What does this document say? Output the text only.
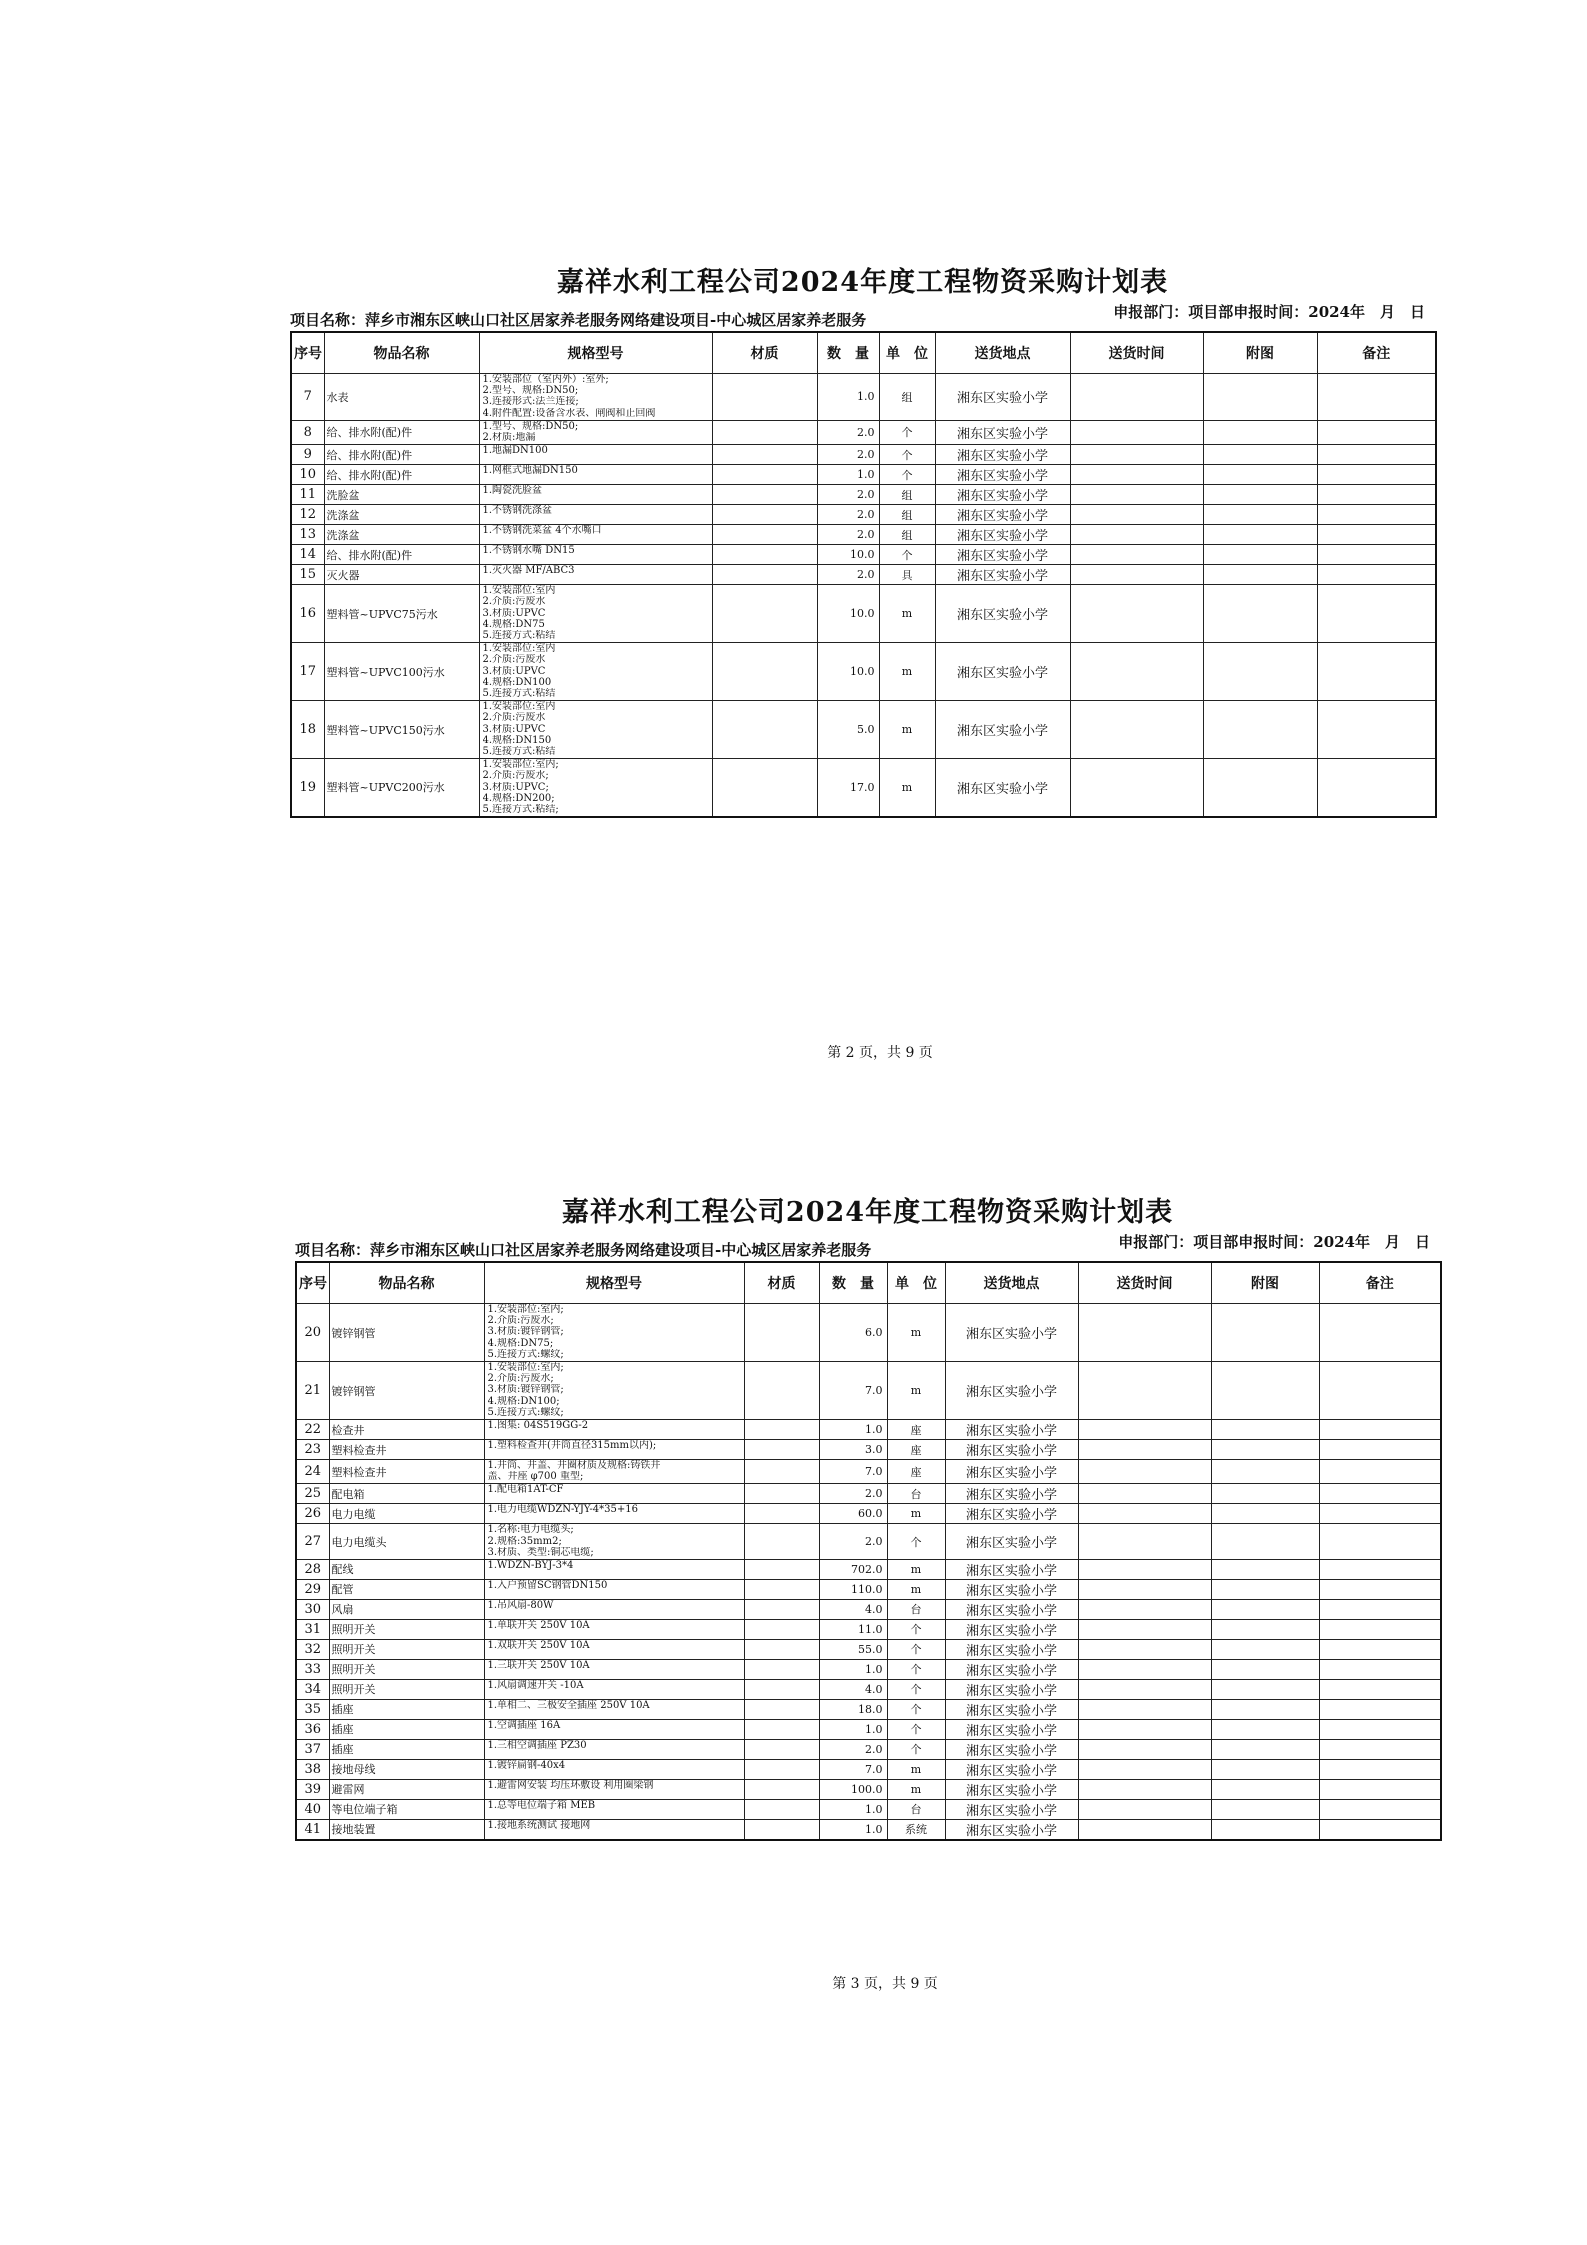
嘉祥水利工程公司2024年度工程物资采购计划表
项目名称：萍乡市湘东区峡山口社区居家养老服务网络建设项目-中心城区居家养老服务	申报部门：项目部申报时间：2024年　月　日
序号	物品名称	规格型号	材质	数　量	单　位	送货地点	送货时间	附图	备注
7	水表	1.安装部位（室内外）:室外;
2.型号、规格:DN50;
3.连接形式:法兰连接;
4.附件配置:设备含水表、闸阀和止回阀		1.0	组	湘东区实验小学			
8	给、排水附(配)件	1.型号、规格:DN50;
2.材质:地漏		2.0	个	湘东区实验小学			
9	给、排水附(配)件	1.地漏DN100		2.0	个	湘东区实验小学			
10	给、排水附(配)件	1.网框式地漏DN150		1.0	个	湘东区实验小学			
11	洗脸盆	1.陶瓷洗脸盆		2.0	组	湘东区实验小学			
12	洗涤盆	1.不锈钢洗涤盆		2.0	组	湘东区实验小学			
13	洗涤盆	1.不锈钢洗菜盆 4个水嘴口		2.0	组	湘东区实验小学			
14	给、排水附(配)件	1.不锈钢水嘴 DN15		10.0	个	湘东区实验小学			
15	灭火器	1.灭火器 MF/ABC3		2.0	具	湘东区实验小学			
16	塑料管~UPVC75污水	1.安装部位:室内
2.介质:污废水
3.材质:UPVC
4.规格:DN75
5.连接方式:粘结		10.0	m	湘东区实验小学			
17	塑料管~UPVC100污水	1.安装部位:室内
2.介质:污废水
3.材质:UPVC
4.规格:DN100
5.连接方式:粘结		10.0	m	湘东区实验小学			
18	塑料管~UPVC150污水	1.安装部位:室内
2.介质:污废水
3.材质:UPVC
4.规格:DN150
5.连接方式:粘结		5.0	m	湘东区实验小学			
19	塑料管~UPVC200污水	1.安装部位:室内;
2.介质:污废水;
3.材质:UPVC;
4.规格:DN200;
5.连接方式:粘结;		17.0	m	湘东区实验小学			
第 2 页，共 9 页
嘉祥水利工程公司2024年度工程物资采购计划表
项目名称：萍乡市湘东区峡山口社区居家养老服务网络建设项目-中心城区居家养老服务	申报部门：项目部申报时间：2024年　月　日
序号	物品名称	规格型号	材质	数　量	单　位	送货地点	送货时间	附图	备注
20	镀锌钢管	1.安装部位:室内;
2.介质:污废水;
3.材质:镀锌钢管;
4.规格:DN75;
5.连接方式:螺纹;		6.0	m	湘东区实验小学			
21	镀锌钢管	1.安装部位:室内;
2.介质:污废水;
3.材质:镀锌钢管;
4.规格:DN100;
5.连接方式:螺纹;		7.0	m	湘东区实验小学			
22	检查井	1.图集: 04S519GG-2		1.0	座	湘东区实验小学			
23	塑料检查井	1.塑料检查井(井筒直径315mm以内);		3.0	座	湘东区实验小学			
24	塑料检查井	1.井筒、井盖、井圈材质及规格:铸铁井
盖、井座 φ700 重型;		7.0	座	湘东区实验小学			
25	配电箱	1.配电箱1AT-CF		2.0	台	湘东区实验小学			
26	电力电缆	1.电力电缆WDZN-YJY-4*35+16		60.0	m	湘东区实验小学			
27	电力电缆头	1.名称:电力电缆头;
2.规格:35mm2;
3.材质、类型:铜芯电缆;		2.0	个	湘东区实验小学			
28	配线	1.WDZN-BYJ-3*4		702.0	m	湘东区实验小学			
29	配管	1.入户预留SC钢管DN150		110.0	m	湘东区实验小学			
30	风扇	1.吊风扇-80W		4.0	台	湘东区实验小学			
31	照明开关	1.单联开关 250V 10A		11.0	个	湘东区实验小学			
32	照明开关	1.双联开关 250V 10A		55.0	个	湘东区实验小学			
33	照明开关	1.三联开关 250V 10A		1.0	个	湘东区实验小学			
34	照明开关	1.风扇调速开关 -10A		4.0	个	湘东区实验小学			
35	插座	1.单相二、三极安全插座 250V 10A		18.0	个	湘东区实验小学			
36	插座	1.空调插座 16A		1.0	个	湘东区实验小学			
37	插座	1.三相空调插座 PZ30		2.0	个	湘东区实验小学			
38	接地母线	1.镀锌扁钢-40x4		7.0	m	湘东区实验小学			
39	避雷网	1.避雷网安装 均压环敷设 利用圈梁钢		100.0	m	湘东区实验小学			
40	等电位端子箱	1.总等电位端子箱 MEB		1.0	台	湘东区实验小学			
41	接地装置	1.接地系统测试 接地网		1.0	系统	湘东区实验小学			
第 3 页，共 9 页
